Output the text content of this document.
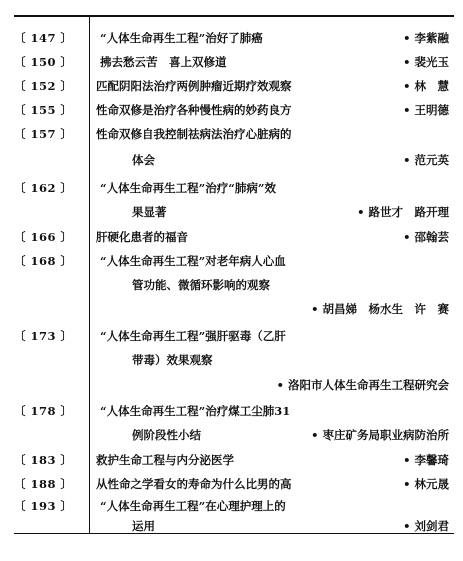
〔 147 〕	“人体生命再生工程”治好了肺癌	• 李紫融
〔 150 〕	拂去愁云苦　喜上双修道	• 裴光玉
〔 152 〕	匹配阴阳法治疗两例肿瘤近期疗效观察	• 林　慧
〔 155 〕	性命双修是治疗各种慢性病的妙药良方	• 王明德
〔 157 〕	性命双修自我控制祛病法治疗心脏病的
体会	• 范元英
〔 162 〕	“人体生命再生工程”治疗“肺病”效
果显著	• 路世才　路开理
〔 166 〕	肝硬化患者的福音	• 邵翰芸
〔 168 〕	“人体生命再生工程”对老年病人心血
管功能、微循环影响的观察
• 胡昌娣　杨水生　许　赛
〔 173 〕	“人体生命再生工程”强肝驱毒（乙肝
带毒）效果观察
• 洛阳市人体生命再生工程研究会
〔 178 〕	“人体生命再生工程”治疗煤工尘肺31
例阶段性小结	• 枣庄矿务局职业病防治所
〔 183 〕	救护生命工程与内分泌医学	• 李馨琦
〔 188 〕	从性命之学看女的寿命为什么比男的高	• 林元晟
〔 193 〕	“人体生命再生工程”在心理护理上的
运用	• 刘剑君
